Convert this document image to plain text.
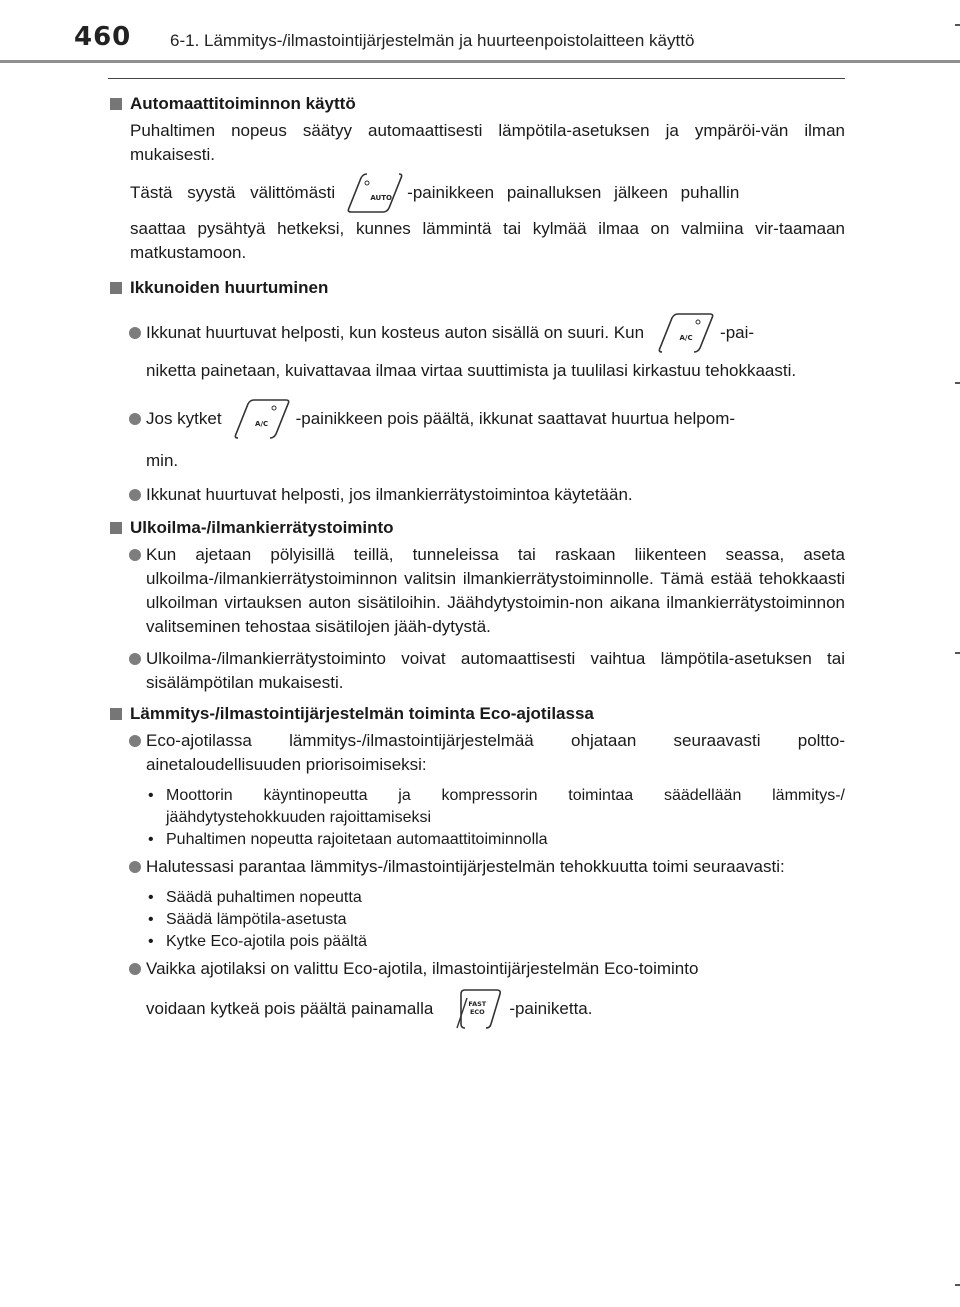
460 6-1. Lämmitys-/ilmastointijärjestelmän ja huurteenpoistolaitteen käyttö
Automaattitoiminnon käyttö
Puhaltimen nopeus säätyy automaattisesti lämpötila-asetuksen ja ympäröi-vän ilman mukaisesti.
Tästä syystä välittömästi	AUTO -painikkeen painalluksen jälkeen puhallin
saattaa pysähtyä hetkeksi, kunnes lämmintä tai kylmää ilmaa on valmiina vir-taamaan matkustamoon.
Ikkunoiden huurtuminen
Ikkunat huurtuvat helposti, kun kosteus auton sisällä on suuri. Kun	A/C	-pai-
niketta painetaan, kuivattavaa ilmaa virtaa suuttimista ja tuulilasi kirkastuu tehokkaasti.
Jos kytket	A/C	-painikkeen pois päältä, ikkunat saattavat huurtua helpom-
min.
Ikkunat huurtuvat helposti, jos ilmankierrätystoimintoa käytetään.
Ulkoilma-/ilmankierrätystoiminto
Kun ajetaan pölyisillä teillä, tunneleissa tai raskaan liikenteen seassa, aseta ulkoilma-/ilmankierrätystoiminnon valitsin ilmankierrätystoiminnolle. Tämä estää tehokkaasti ulkoilman virtauksen auton sisätiloihin. Jäähdytystoimin-non aikana ilmankierrätystoiminnon valitseminen tehostaa sisätilojen jääh-dytystä.
Ulkoilma-/ilmankierrätystoiminto voivat automaattisesti vaihtua lämpötila-asetuksen tai sisälämpötilan mukaisesti.
Lämmitys-/ilmastointijärjestelmän toiminta Eco-ajotilassa
Eco-ajotilassa lämmitys-/ilmastointijärjestelmää ohjataan seuraavasti poltto-ainetaloudellisuuden priorisoimiseksi:
• Moottorin käyntinopeutta ja kompressorin toimintaa säädellään lämmitys-/ jäähdytystehokkuuden rajoittamiseksi
• Puhaltimen nopeutta rajoitetaan automaattitoiminnolla
Halutessasi parantaa lämmitys-/ilmastointijärjestelmän tehokkuutta toimi seuraavasti:
• Säädä puhaltimen nopeutta
• Säädä lämpötila-asetusta
• Kytke Eco-ajotila pois päältä
Vaikka ajotilaksi on valittu Eco-ajotila, ilmastointijärjestelmän Eco-toiminto
voidaan kytkeä pois päältä painamalla	FAST
ECO	-painiketta.
